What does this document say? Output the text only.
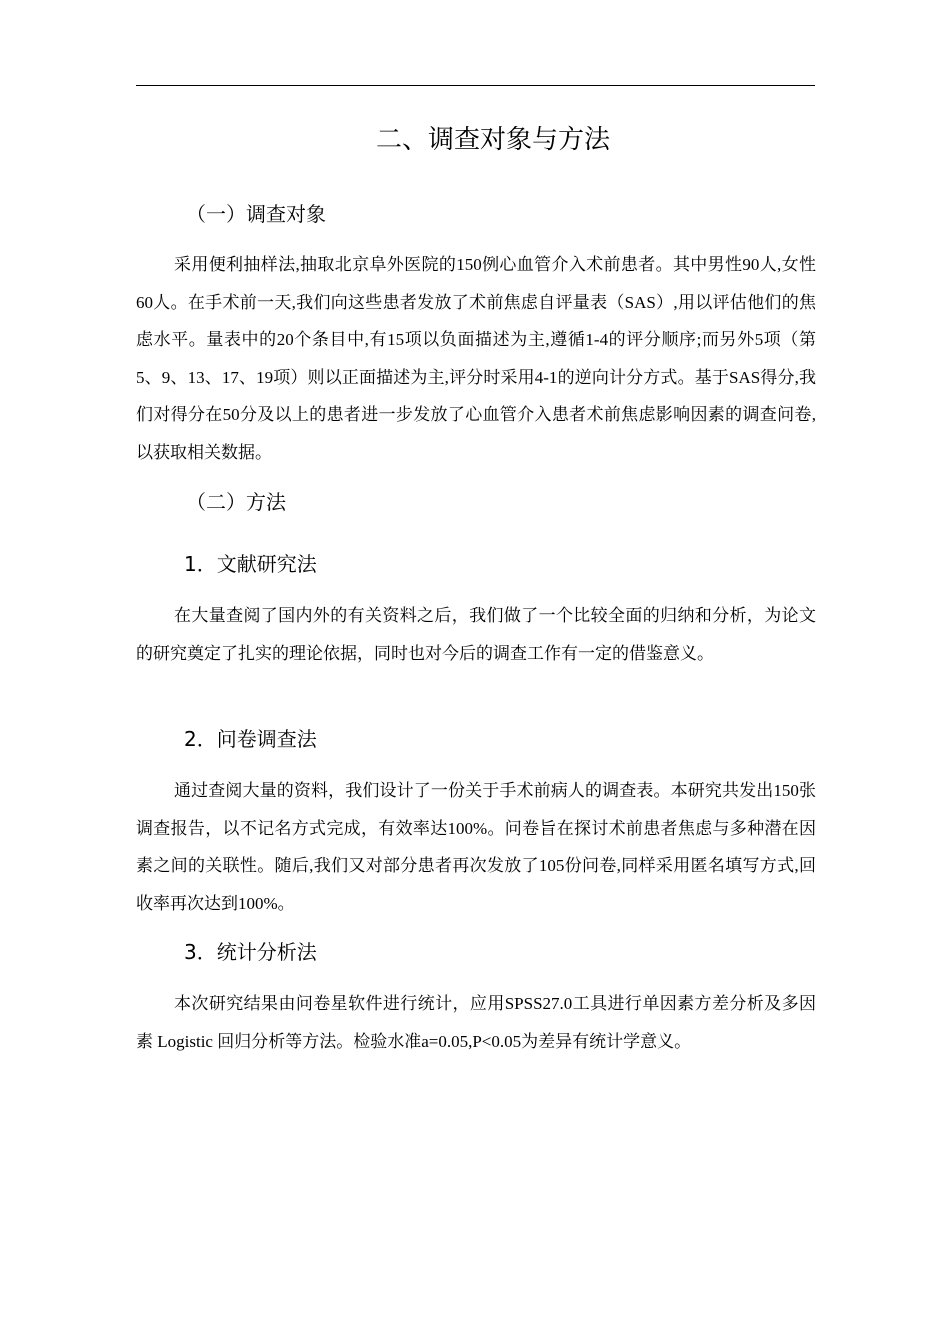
二、调查对象与方法
（一）调查对象
采用便利抽样法,抽取北京阜外医院的150例心血管介入术前患者。其中男性90人,女性60人。在手术前一天,我们向这些患者发放了术前焦虑自评量表（SAS）,用以评估他们的焦虑水平。量表中的20个条目中,有15项以负面描述为主,遵循1-4的评分顺序;而另外5项（第5、9、13、17、19项）则以正面描述为主,评分时采用4-1的逆向计分方式。基于SAS得分,我们对得分在50分及以上的患者进一步发放了心血管介入患者术前焦虑影响因素的调查问卷,以获取相关数据。
（二）方法
1．文献研究法
在大量查阅了国内外的有关资料之后，我们做了一个比较全面的归纳和分析，为论文的研究奠定了扎实的理论依据，同时也对今后的调查工作有一定的借鉴意义。
2．问卷调查法
通过查阅大量的资料，我们设计了一份关于手术前病人的调查表。本研究共发出150张调查报告，以不记名方式完成，有效率达100%。问卷旨在探讨术前患者焦虑与多种潜在因素之间的关联性。随后,我们又对部分患者再次发放了105份问卷,同样采用匿名填写方式,回收率再次达到100%。
3．统计分析法
本次研究结果由问卷星软件进行统计，应用SPSS27.0工具进行单因素方差分析及多因素 Logistic 回归分析等方法。检验水准a=0.05,P<0.05为差异有统计学意义。
